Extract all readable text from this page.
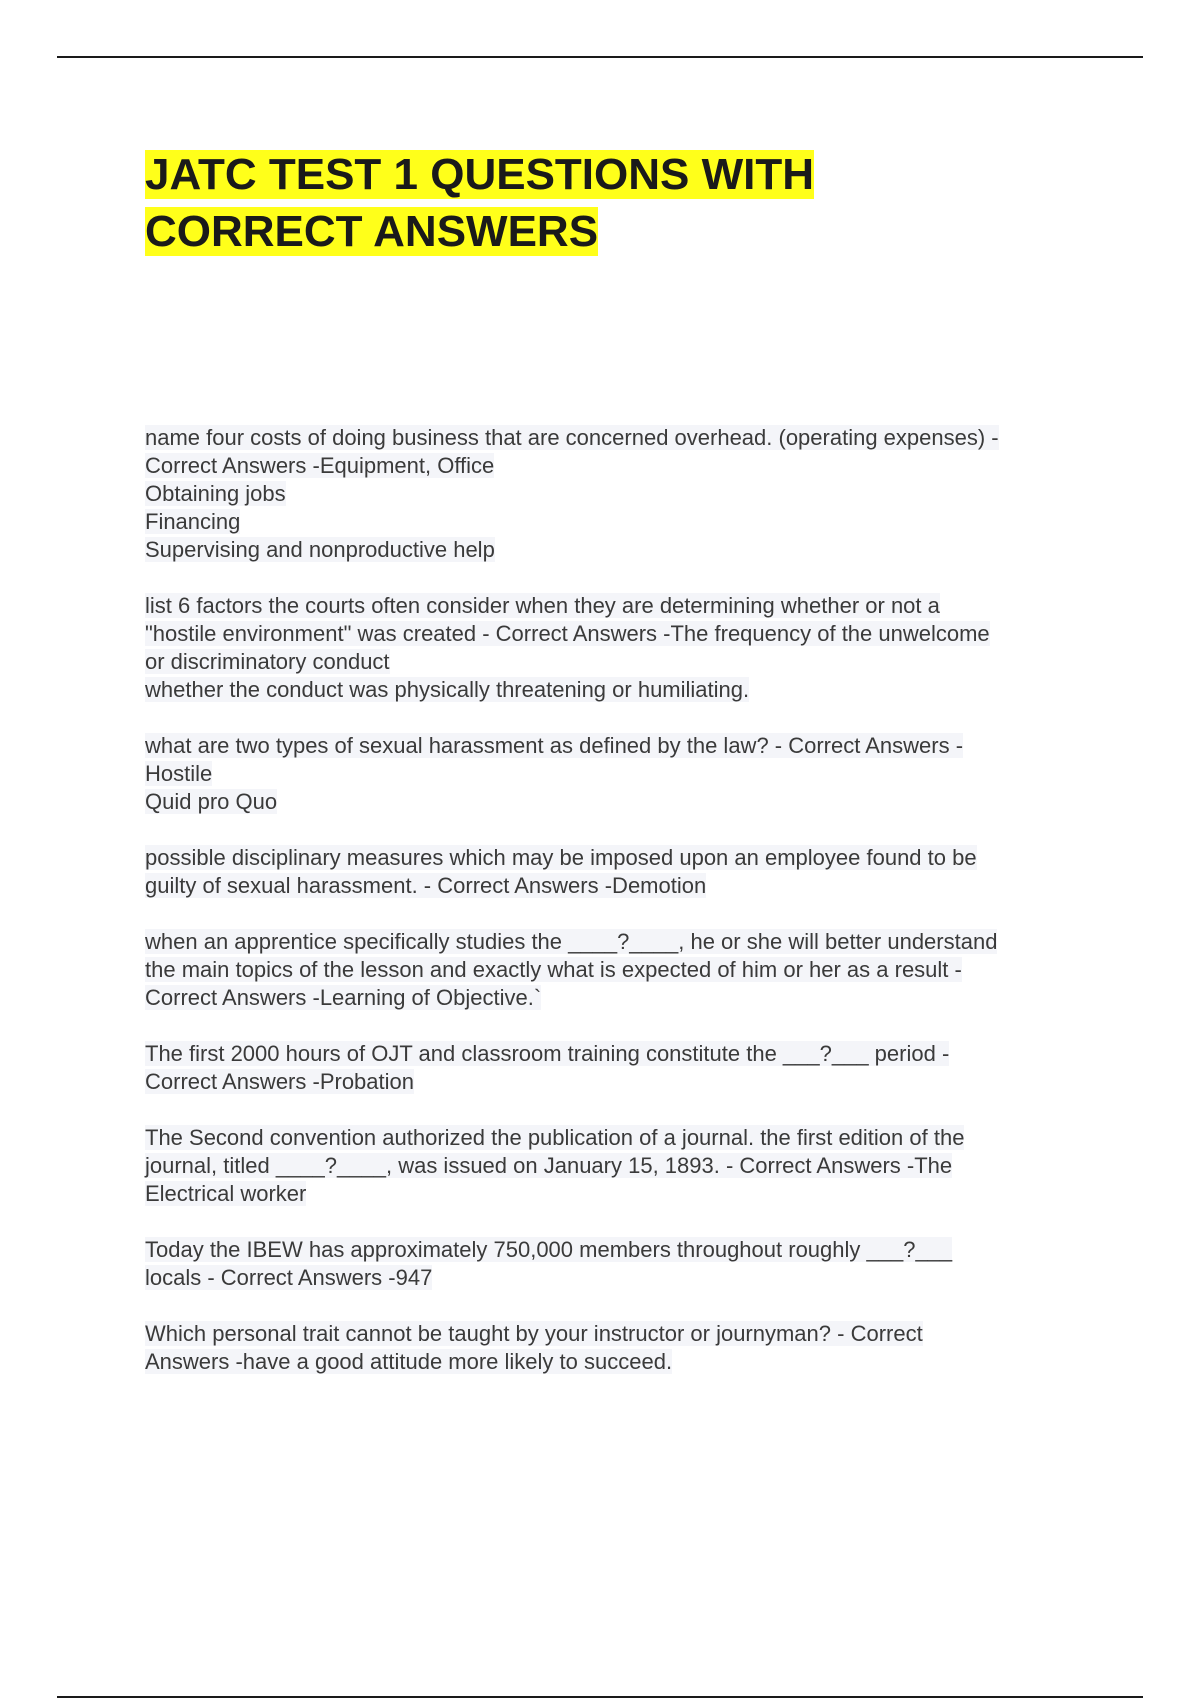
JATC TEST 1 QUESTIONS WITH
CORRECT ANSWERS

name four costs of doing business that are concerned overhead. (operating expenses) -
Correct Answers -Equipment, Office
Obtaining jobs
Financing
Supervising and nonproductive help

list 6 factors the courts often consider when they are determining whether or not a
"hostile environment" was created - Correct Answers -The frequency of the unwelcome
or discriminatory conduct
whether the conduct was physically threatening or humiliating.

what are two types of sexual harassment as defined by the law? - Correct Answers -
Hostile
Quid pro Quo

possible disciplinary measures which may be imposed upon an employee found to be
guilty of sexual harassment. - Correct Answers -Demotion

when an apprentice specifically studies the ____?____, he or she will better understand
the main topics of the lesson and exactly what is expected of him or her as a result -
Correct Answers -Learning of Objective.`

The first 2000 hours of OJT and classroom training constitute the ___?___ period -
Correct Answers -Probation

The Second convention authorized the publication of a journal. the first edition of the
journal, titled ____?____, was issued on January 15, 1893. - Correct Answers -The
Electrical worker

Today the IBEW has approximately 750,000 members throughout roughly ___?___
locals - Correct Answers -947

Which personal trait cannot be taught by your instructor or journyman? - Correct
Answers -have a good attitude more likely to succeed.
